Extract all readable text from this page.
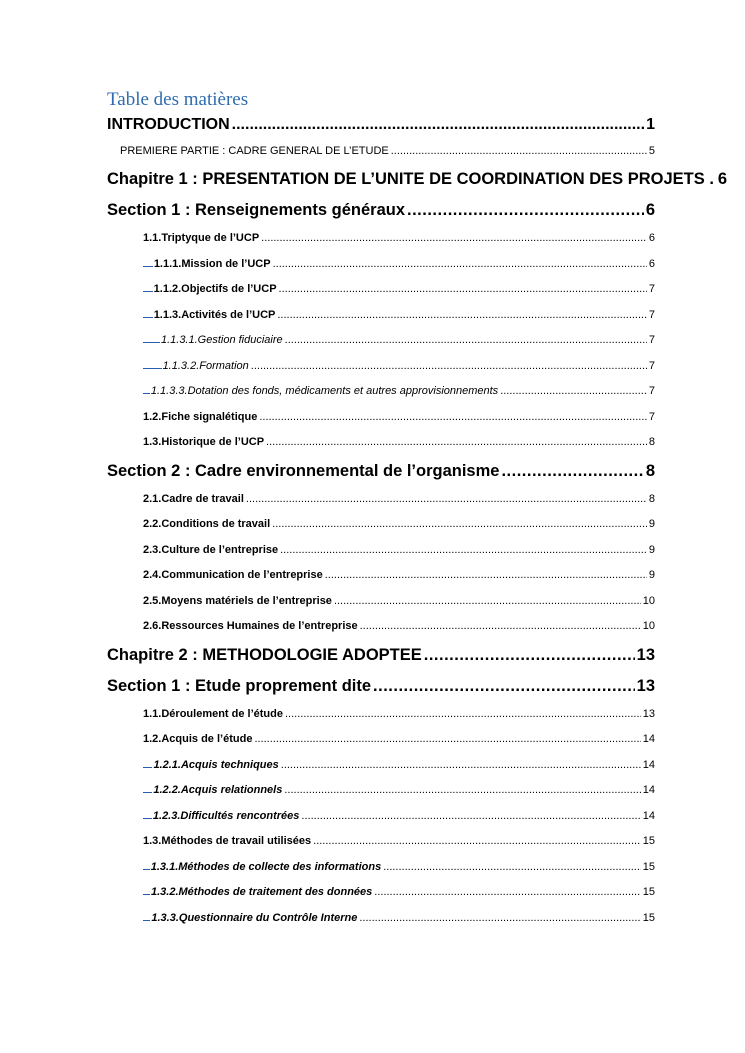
Table des matières
INTRODUCTION .....	1
PREMIERE PARTIE : CADRE GENERAL DE L’ETUDE .....	5
Chapitre 1 : PRESENTATION DE L’UNITE DE COORDINATION DES PROJETS . 6
Section 1 : Renseignements généraux .....	6
1.1. Triptyque de l’UCP .....	6
1.1.1.Mission de l’UCP .....	6
1.1.2.Objectifs de l’UCP .....	7
1.1.3.Activités de l’UCP .....	7
1.1.3.1.Gestion fiduciaire .....	7
1.1.3.2.Formation .....	7
1.1.3.3.Dotation des fonds, médicaments et autres approvisionnements .....	7
1.2. Fiche signalétique .....	7
1.3. Historique de l’UCP .....	8
Section 2 : Cadre environnemental de l’organisme .....	8
2.1. Cadre de travail .....	8
2.2. Conditions de travail .....	9
2.3. Culture de l’entreprise .....	9
2.4. Communication de l’entreprise .....	9
2.5. Moyens matériels de l’entreprise .....	10
2.6. Ressources Humaines de l’entreprise .....	10
Chapitre 2 : METHODOLOGIE ADOPTEE .....	13
Section 1 : Etude proprement dite .....	13
1.1. Déroulement de l’étude .....	13
1.2. Acquis de l’étude .....	14
1.2.1.Acquis techniques .....	14
1.2.2.Acquis relationnels .....	14
1.2.3.Difficultés rencontrées .....	14
1.3. Méthodes de travail utilisées .....	15
1.3.1.Méthodes de collecte des informations .....	15
1.3.2.Méthodes de traitement des données .....	15
1.3.3.Questionnaire du Contrôle Interne .....	15
